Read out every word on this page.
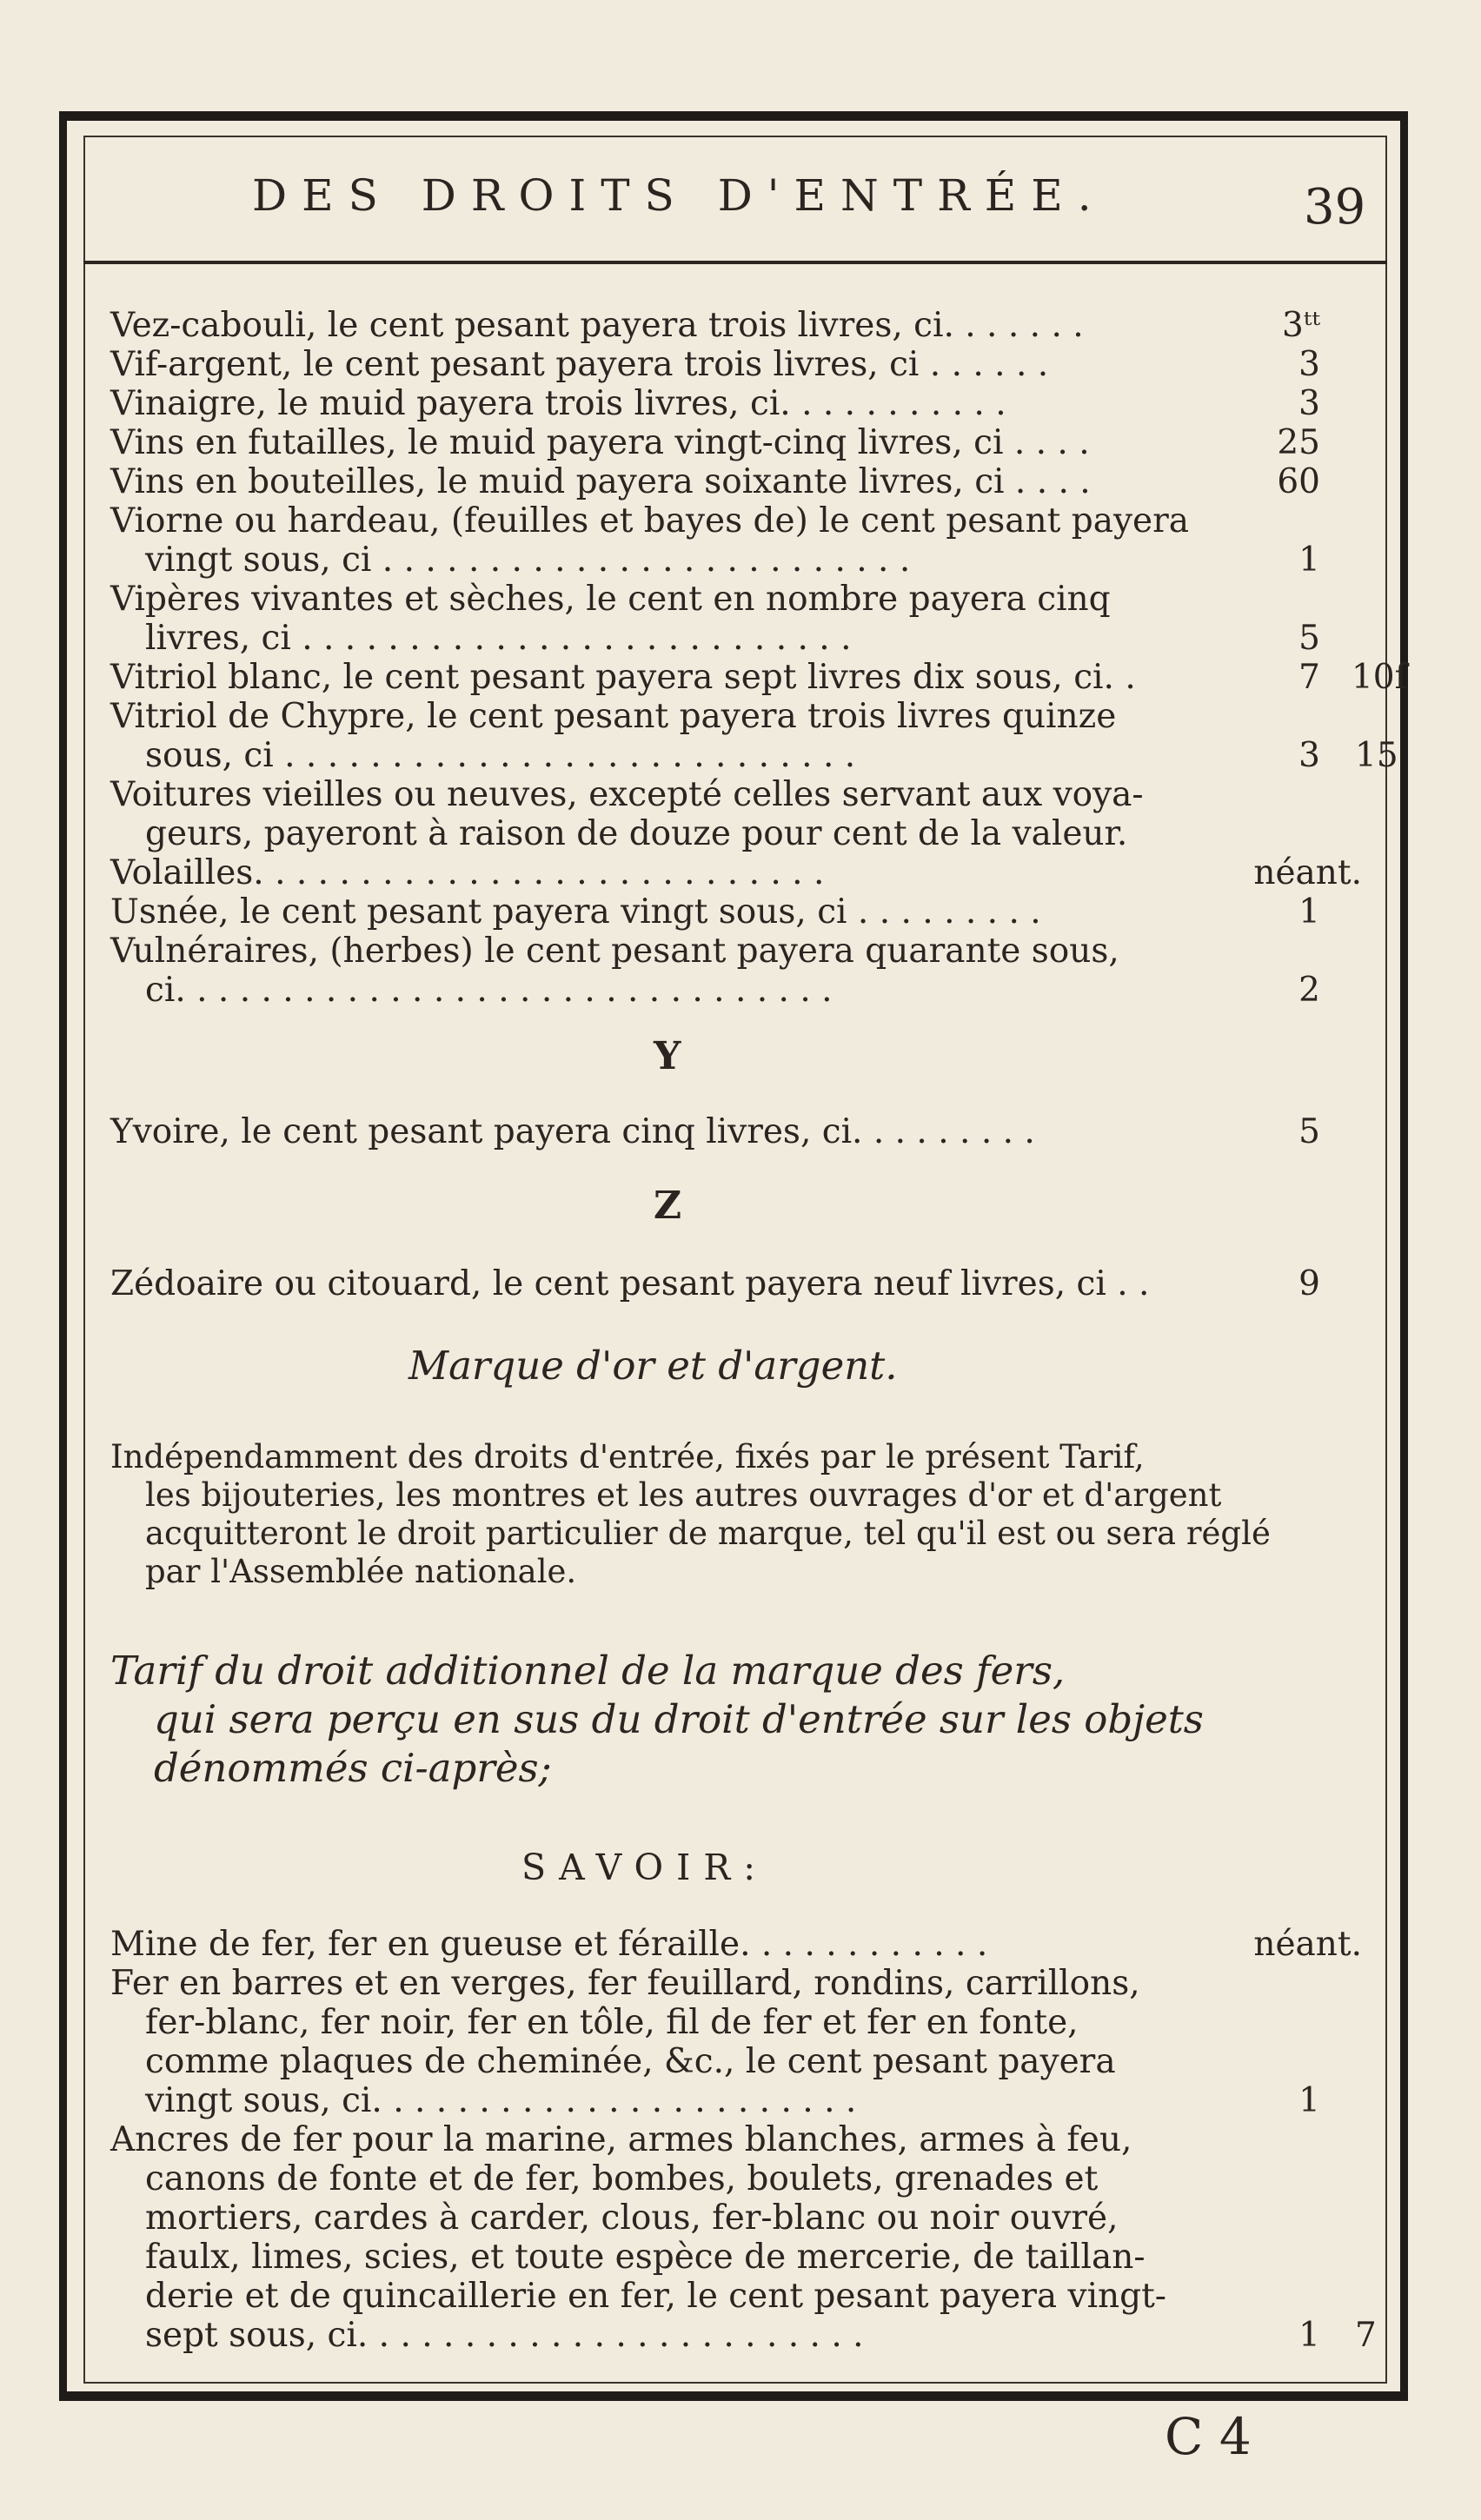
DES DROITS D'ENTRÉE.	39
Vez-cabouli, le cent pesant payera trois livres, ci. . . . . . .	3ᵗᵗ
Vif-argent, le cent pesant payera trois livres, ci . . . . . .	3
Vinaigre, le muid payera trois livres, ci. . . . . . . . . . .	3
Vins en futailles, le muid payera vingt-cinq livres, ci . . . .	25
Vins en bouteilles, le muid payera soixante livres, ci . . . .	60
Viorne ou hardeau, (feuilles et bayes de) le cent pesant payera
vingt sous, ci . . . . . . . . . . . . . . . . . . . . . . . . .	1
Vipères vivantes et sèches, le cent en nombre payera cinq
livres, ci . . . . . . . . . . . . . . . . . . . . . . . . . .	5
Vitriol blanc, le cent pesant payera sept livres dix sous, ci. .	7 10ſ
Vitriol de Chypre, le cent pesant payera trois livres quinze
sous, ci . . . . . . . . . . . . . . . . . . . . . . . . . . .	3 15
Voitures vieilles ou neuves, excepté celles servant aux voya-
geurs, payeront à raison de douze pour cent de la valeur.
Volailles. . . . . . . . . . . . . . . . . . . . . . . . . . .	néant.
Usnée, le cent pesant payera vingt sous, ci . . . . . . . . .	1
Vulnéraires, (herbes) le cent pesant payera quarante sous,
ci. . . . . . . . . . . . . . . . . . . . . . . . . . . . . . .	2
Y
Yvoire, le cent pesant payera cinq livres, ci. . . . . . . . .	5
Z
Zédoaire ou citouard, le cent pesant payera neuf livres, ci . .	9
Marque d'or et d'argent.
Indépendamment des droits d'entrée, fixés par le présent Tarif,
les bijouteries, les montres et les autres ouvrages d'or et d'argent acquitteront le droit particulier de marque, tel qu'il est ou sera réglé par l'Assemblée nationale.
Tarif du droit additionnel de la marque des fers,
qui sera perçu en sus du droit d'entrée sur les objets dénommés ci-après;
SAVOIR:
Mine de fer, fer en gueuse et féraille. . . . . . . . . . . .	néant.
Fer en barres et en verges, fer feuillard, rondins, carrillons,
fer-blanc, fer noir, fer en tôle, fil de fer et fer en fonte,
comme plaques de cheminée, &c., le cent pesant payera
vingt sous, ci. . . . . . . . . . . . . . . . . . . . . . .	1
Ancres de fer pour la marine, armes blanches, armes à feu,
canons de fonte et de fer, bombes, boulets, grenades et
mortiers, cardes à carder, clous, fer-blanc ou noir ouvré,
faulx, limes, scies, et toute espèce de mercerie, de taillan-
derie et de quincaillerie en fer, le cent pesant payera vingt-
sept sous, ci. . . . . . . . . . . . . . . . . . . . . . . .	1 7
C 4
